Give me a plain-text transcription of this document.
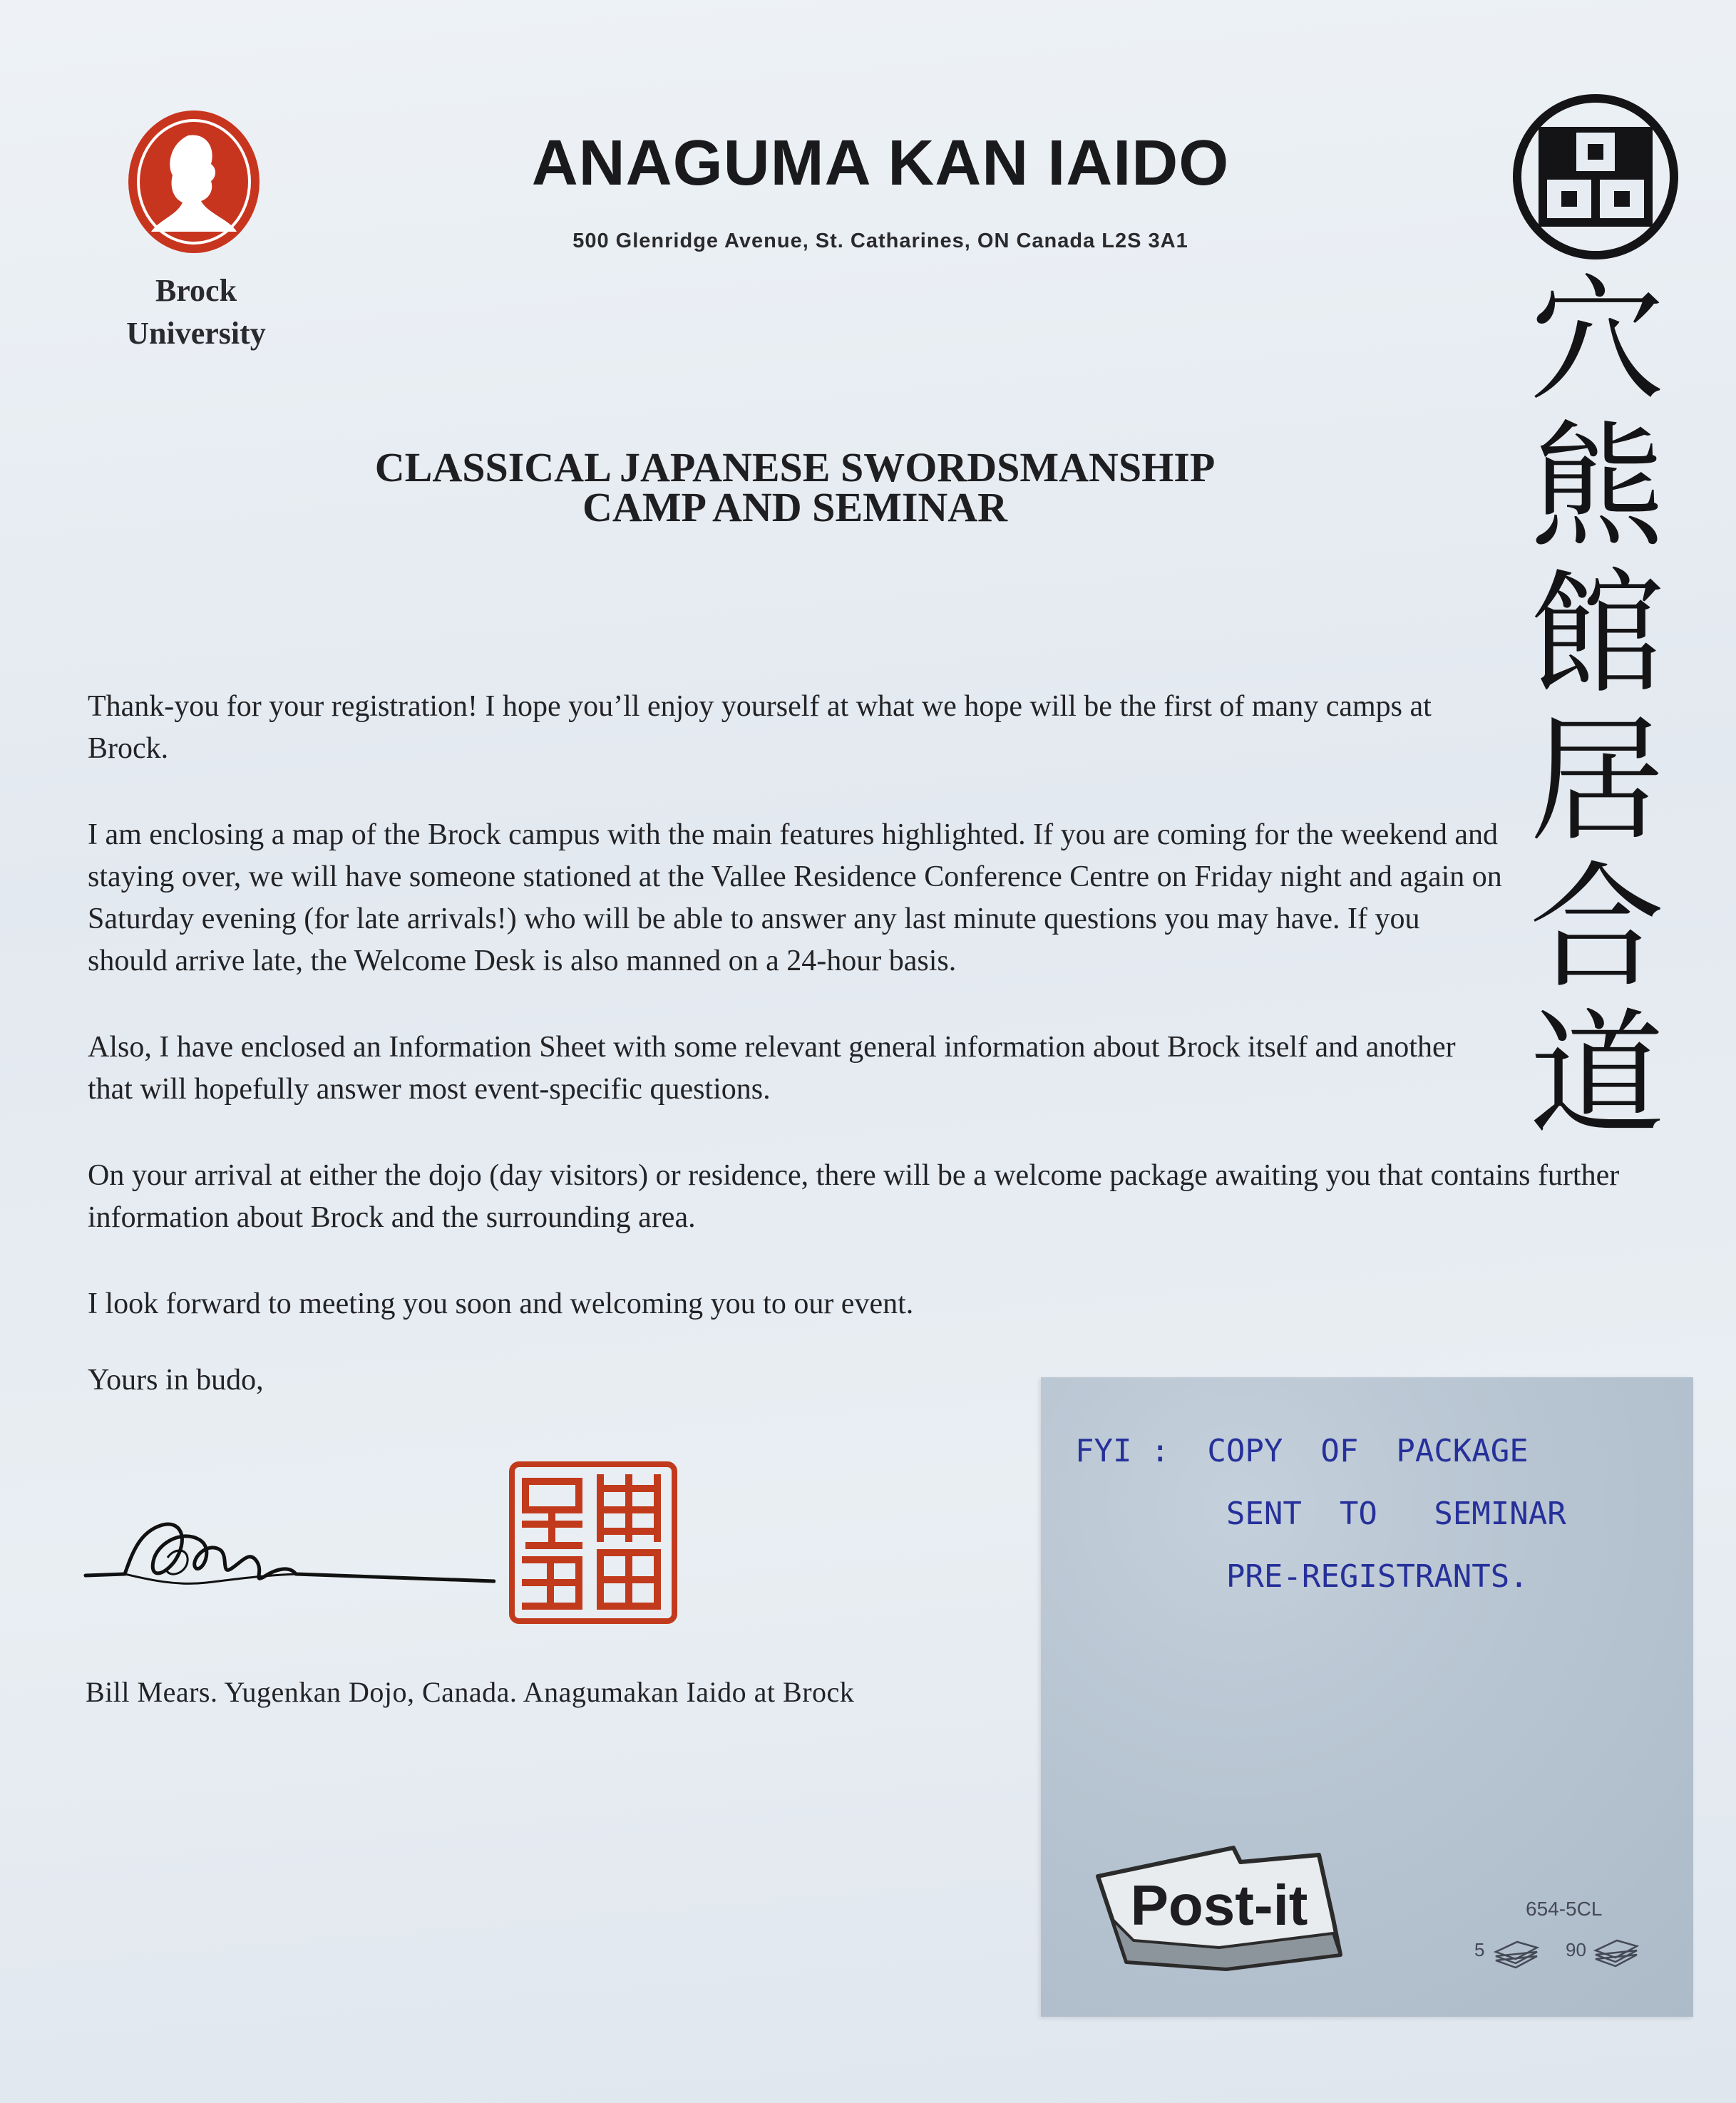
Brock
University
ANAGUMA KAN IAIDO
500 Glenridge Avenue, St. Catharines, ON Canada L2S 3A1
穴
熊
館
居
合
道
CLASSICAL JAPANESE SWORDSMANSHIP
CAMP AND SEMINAR

Thank-you for your registration! I hope you’ll enjoy yourself at what we hope will be the first of many camps at Brock.

I am enclosing a map of the Brock campus with the main features highlighted. If you are coming for the weekend and staying over, we will have someone stationed at the Vallee Residence Conference Centre on Friday night and again on Saturday evening (for late arrivals!) who will be able to answer any last minute questions you may have. If you should arrive late, the Welcome Desk is also manned on a 24-hour basis.

Also, I have enclosed an Information Sheet with some relevant general information about Brock itself and another that will hopefully answer most event-specific questions.

On your arrival at either the dojo (day visitors) or residence, there will be a welcome package awaiting you that contains further information about Brock and the surrounding area.

I look forward to meeting you soon and welcoming you to our event.

Yours in budo,
Bill Mears. Yugenkan Dojo, Canada. Anagumakan Iaido at Brock
FYI :  COPY  OF  PACKAGE
SENT  TO   SEMINAR
PRE-REGISTRANTS.
Post-it	654-5CL
5	90
